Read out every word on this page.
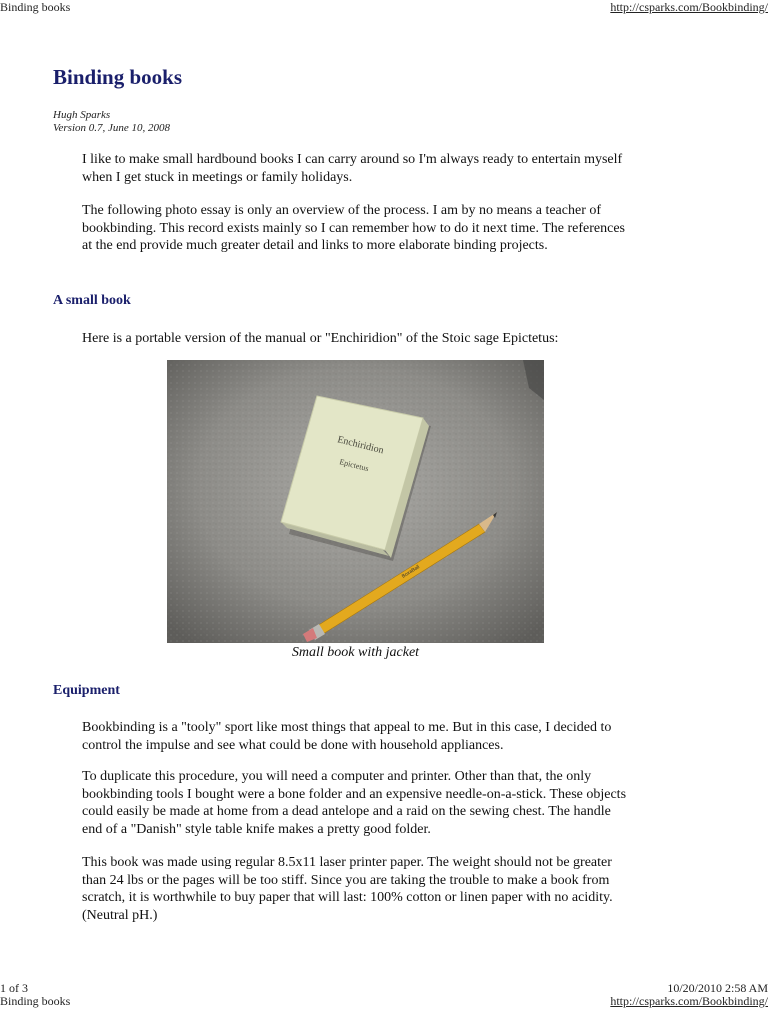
Binding books	http://csparks.com/Bookbinding/
Binding books
Hugh Sparks
Version 0.7, June 10, 2008

I like to make small hardbound books I can carry around so I'm always ready to entertain myself when I get stuck in meetings or family holidays.

The following photo essay is only an overview of the process. I am by no means a teacher of bookbinding. This record exists mainly so I can remember how to do it next time. The references at the end provide much greater detail and links to more elaborate binding projects.

A small book

Here is a portable version of the manual or "Enchiridion" of the Stoic sage Epictetus:

Enchiridion
Epictetus
BoxaBall
Small book with jacket
Equipment

Bookbinding is a "tooly" sport like most things that appeal to me. But in this case, I decided to control the impulse and see what could be done with household appliances.

To duplicate this procedure, you will need a computer and printer. Other than that, the only bookbinding tools I bought were a bone folder and an expensive needle-on-a-stick. These objects could easily be made at home from a dead antelope and a raid on the sewing chest. The handle end of a "Danish" style table knife makes a pretty good folder.

This book was made using regular 8.5x11 laser printer paper. The weight should not be greater than 24 lbs or the pages will be too stiff. Since you are taking the trouble to make a book from scratch, it is worthwhile to buy paper that will last: 100% cotton or linen paper with no acidity. (Neutral pH.)

1 of 3	10/20/2010 2:58 AM
Binding books	http://csparks.com/Bookbinding/
